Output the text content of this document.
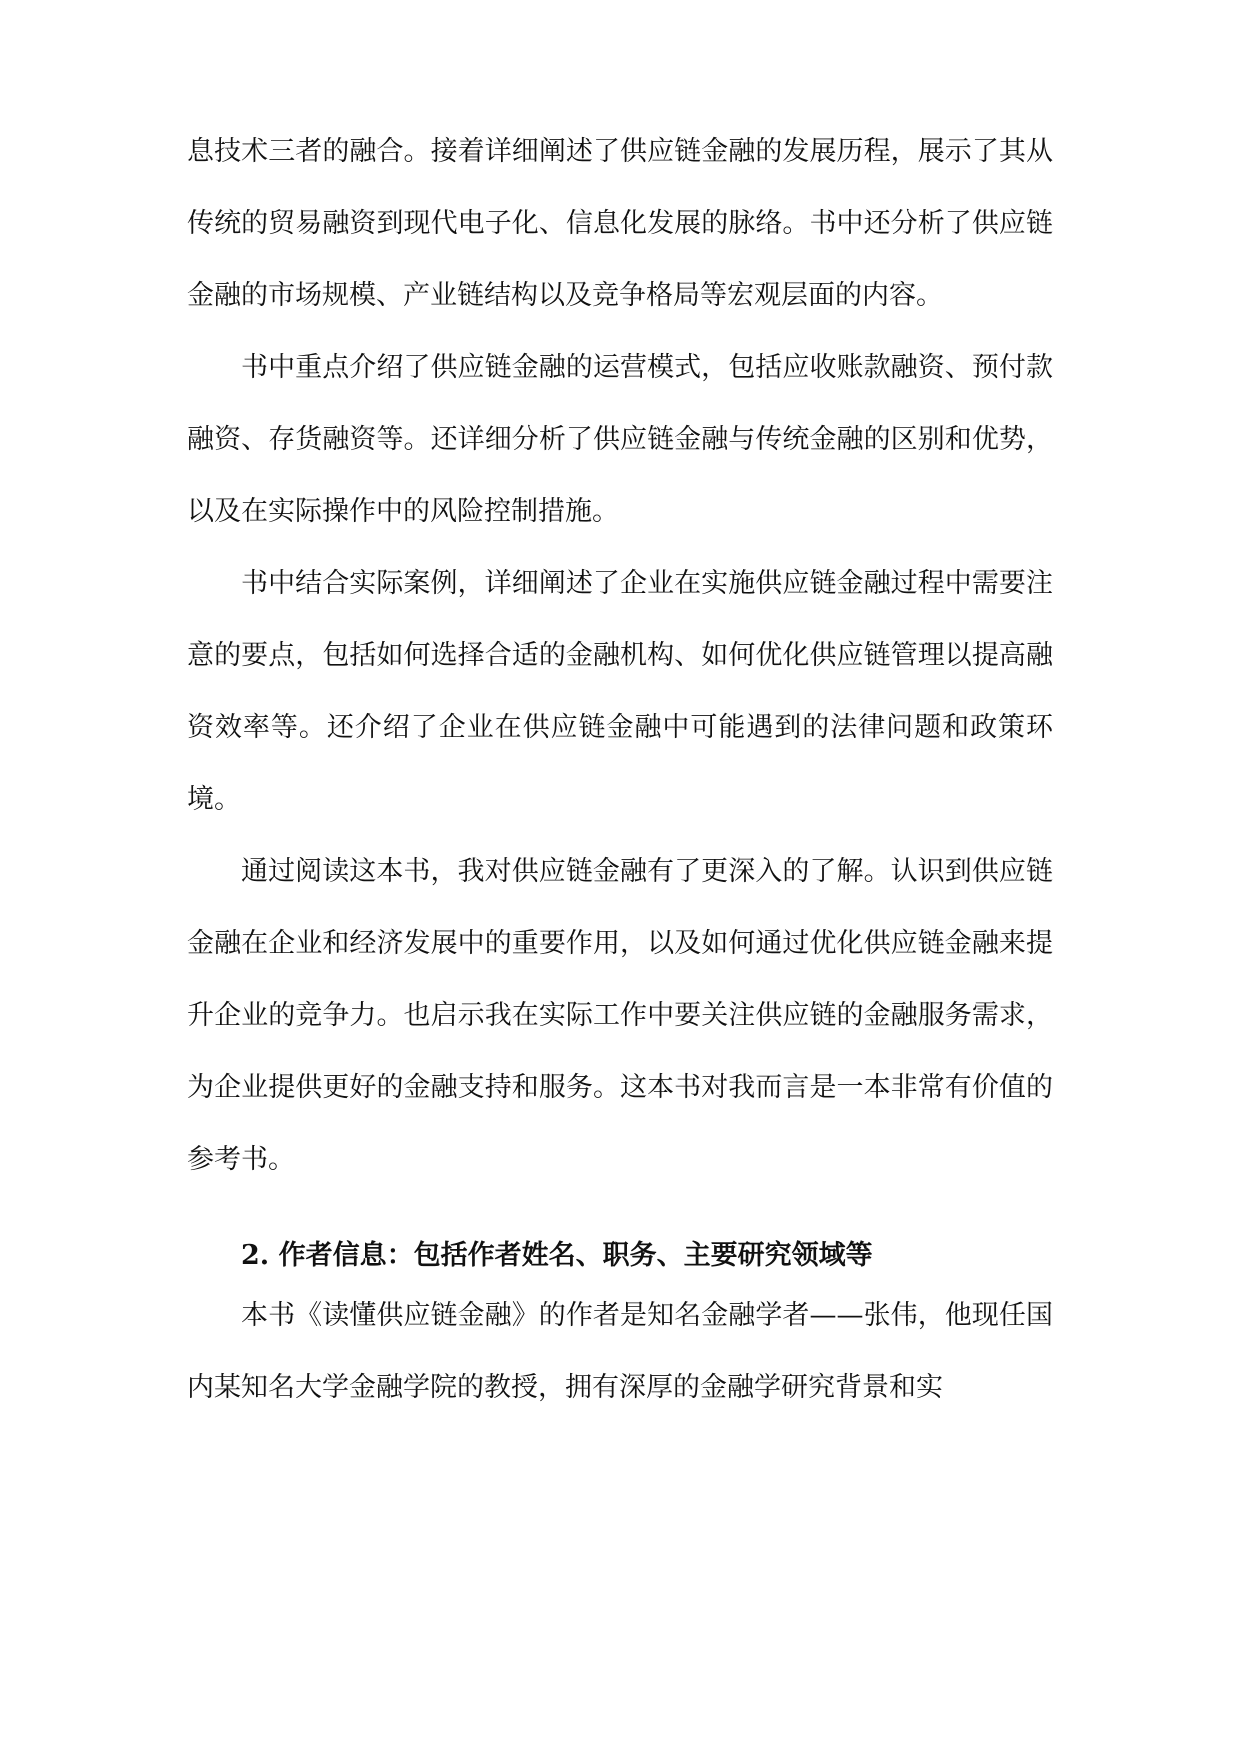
息技术三者的融合。接着详细阐述了供应链金融的发展历程，展示了其从传统的贸易融资到现代电子化、信息化发展的脉络。书中还分析了供应链金融的市场规模、产业链结构以及竞争格局等宏观层面的内容。

书中重点介绍了供应链金融的运营模式，包括应收账款融资、预付款融资、存货融资等。还详细分析了供应链金融与传统金融的区别和优势，以及在实际操作中的风险控制措施。

书中结合实际案例，详细阐述了企业在实施供应链金融过程中需要注意的要点，包括如何选择合适的金融机构、如何优化供应链管理以提高融资效率等。还介绍了企业在供应链金融中可能遇到的法律问题和政策环境。

通过阅读这本书，我对供应链金融有了更深入的了解。认识到供应链金融在企业和经济发展中的重要作用，以及如何通过优化供应链金融来提升企业的竞争力。也启示我在实际工作中要关注供应链的金融服务需求，为企业提供更好的金融支持和服务。这本书对我而言是一本非常有价值的参考书。

2. 作者信息：包括作者姓名、职务、主要研究领域等

本书《读懂供应链金融》的作者是知名金融学者——张伟，他现任国内某知名大学金融学院的教授，拥有深厚的金融学研究背景和实
